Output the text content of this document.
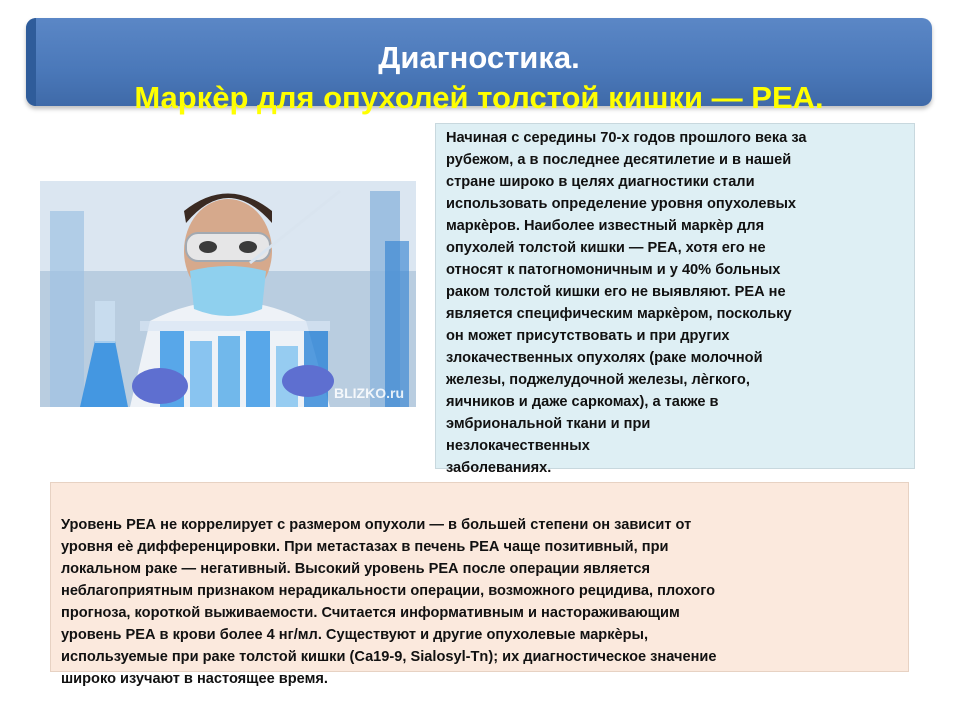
Диагностика.
Маркѐр для опухолей толстой кишки — РЕА.
BLIZKO.ru
Начиная с середины 70-х годов прошлого века за
рубежом, а в последнее десятилетие и в нашей
стране широко в целях диагностики стали
использовать определение уровня опухолевых
маркѐров. Наиболее известный маркѐр для
опухолей толстой кишки — РЕА, хотя его не
относят к патогномоничным и у 40% больных
раком толстой кишки его не выявляют. РЕА не
является специфическим маркѐром, поскольку
он может присутствовать и при других
злокачественных опухолях (раке молочной
железы, поджелудочной железы, лѐгкого,
яичников и даже саркомах), а также в
эмбриональной ткани и при
незлокачественных
заболеваниях.
Уровень РЕА не коррелирует с размером опухоли — в большей степени он зависит от
уровня еѐ дифференцировки. При метастазах в печень РЕА чаще позитивный, при
локальном раке — негативный. Высокий уровень РЕА после операции является
неблагоприятным признаком нерадикальности операции, возможного рецидива, плохого
прогноза, короткой выживаемости. Считается информативным и настораживающим
уровень РЕА в крови более 4 нг/мл. Существуют и другие опухолевые маркѐры,
используемые при раке толстой кишки (Са19-9, Sialosyl-Tn); их диагностическое значение
широко изучают в настоящее время.
